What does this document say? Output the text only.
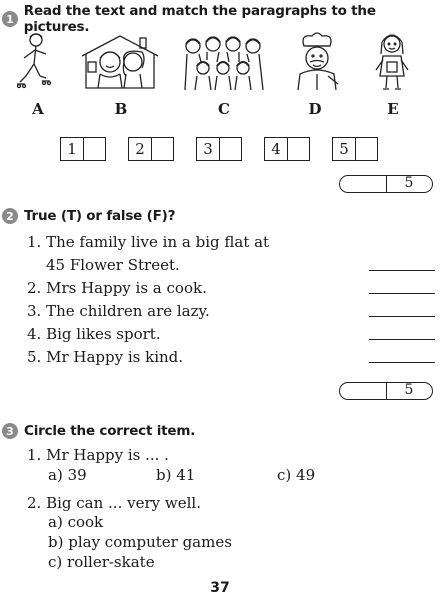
1 Read the text and match the paragraphs to the pictures.
A	B	C	D	E
1	2	3	4	5
5
2 True (T) or false (F)?
1. The family live in a big flat at
45 Flower Street.
2. Mrs Happy is a cook.
3. The children are lazy.
4. Big likes sport.
5. Mr Happy is kind.
5
3 Circle the correct item.
1. Mr Happy is ... .
a) 39	b) 41	c) 49
2. Big can ... very well.
a) cook
b) play computer games
c) roller-skate
37
